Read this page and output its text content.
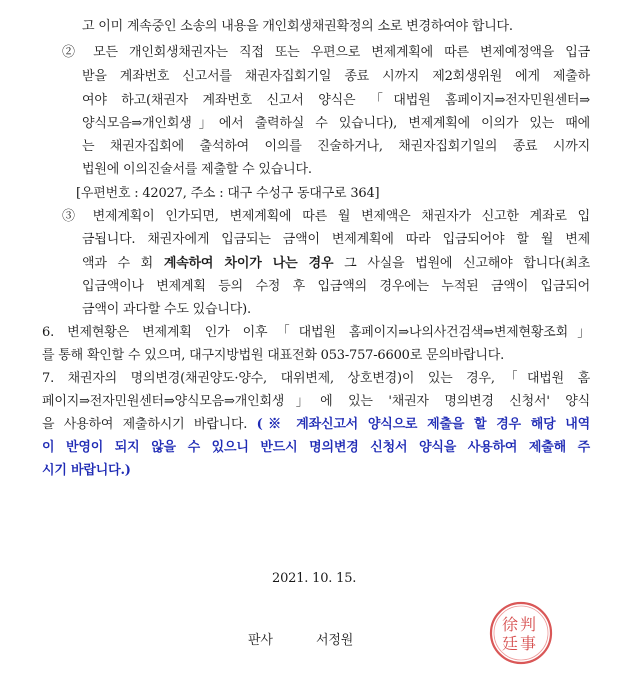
고 이미 계속중인 소송의 내용을 개인회생채권확정의 소로 변경하여야 합니다.
② 모든 개인회생채권자는 직접 또는 우편으로 변제계획에 따른 변제예정액을 입금
받을 계좌번호 신고서를 채권자집회기일 종료 시까지 제2회생위원 에게 제출하
여야 하고(채권자 계좌번호 신고서 양식은 「대법원 홈페이지⇒전자민원센터⇒
양식모음⇒개인회생」에서 출력하실 수 있습니다), 변제계획에 이의가 있는 때에
는 채권자집회에 출석하여 이의를 진술하거나, 채권자집회기일의 종료 시까지
법원에 이의진술서를 제출할 수 있습니다.
[우편번호 : 42027, 주소 : 대구 수성구 동대구로 364]
③ 변제계획이 인가되면, 변제계획에 따른 월 변제액은 채권자가 신고한 계좌로 입
금됩니다. 채권자에게 입금되는 금액이 변제계획에 따라 입금되어야 할 월 변제
액과 수 회 계속하여 차이가 나는 경우 그 사실을 법원에 신고해야 합니다(최초
입금액이나 변제계획 등의 수정 후 입금액의 경우에는 누적된 금액이 입금되어
금액이 과다할 수도 있습니다).
6. 변제현황은 변제계획 인가 이후「대법원 홈페이지⇒나의사건검색⇒변제현황조회」
를 통해 확인할 수 있으며, 대구지방법원 대표전화 053-757-6600로 문의바랍니다.
7. 채권자의 명의변경(채권양도·양수, 대위변제, 상호변경)이 있는 경우,「대법원 홈
페이지⇒전자민원센터⇒양식모음⇒개인회생」에 있는 '채권자 명의변경 신청서' 양식
을 사용하여 제출하시기 바랍니다. (※ 계좌신고서 양식으로 제출을 할 경우 해당 내역
이 반영이 되지 않을 수 있으니 반드시 명의변경 신청서 양식을 사용하여 제출해 주
시기 바랍니다.)
2021. 10. 15.
판사	서정원
判
事
徐
廷
